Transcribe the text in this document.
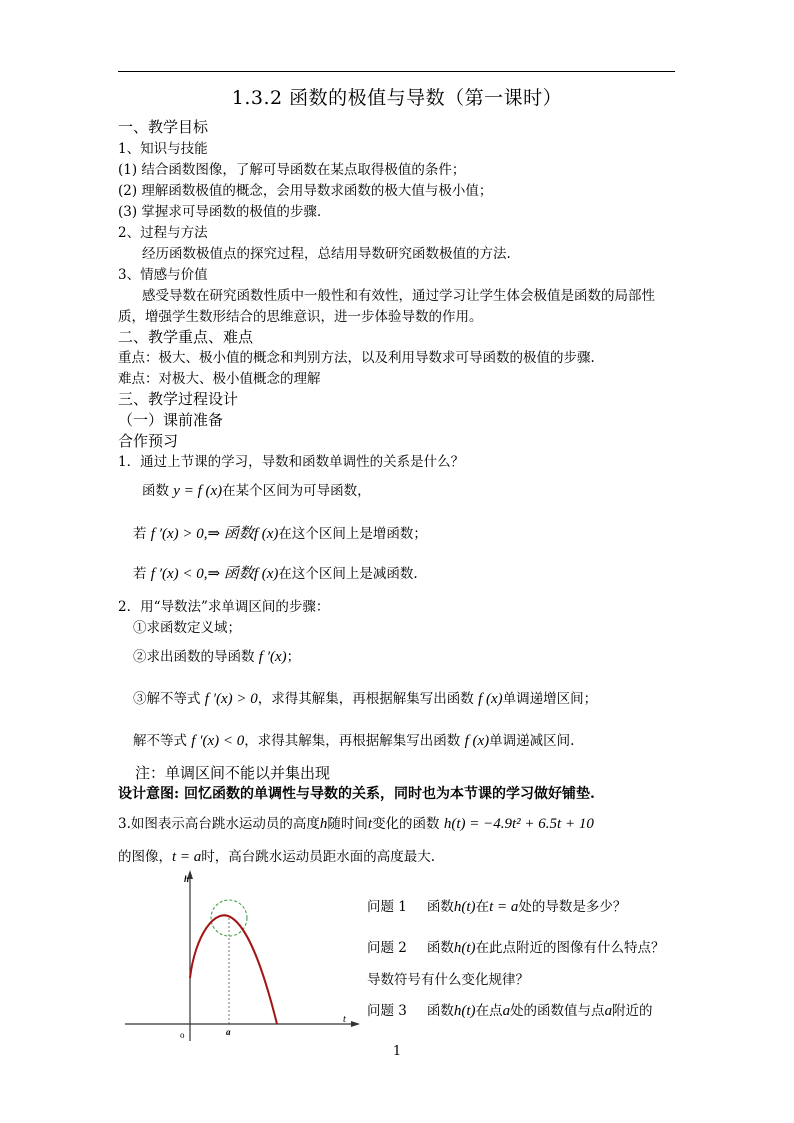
1.3.2 函数的极值与导数（第一课时）
一、教学目标
1、知识与技能
(1) 结合函数图像，了解可导函数在某点取得极值的条件；
(2) 理解函数极值的概念，会用导数求函数的极大值与极小值；
(3) 掌握求可导函数的极值的步骤.
2、过程与方法
经历函数极值点的探究过程，总结用导数研究函数极值的方法.
3、情感与价值
感受导数在研究函数性质中一般性和有效性，通过学习让学生体会极值是函数的局部性
质，增强学生数形结合的思维意识，进一步体验导数的作用。
二、教学重点、难点
重点：极大、极小值的概念和判别方法，以及利用导数求可导函数的极值的步骤.
难点：对极大、极小值概念的理解
三、教学过程设计
（一）课前准备
合作预习
1．通过上节课的学习，导数和函数单调性的关系是什么？
函数 y = f (x)在某个区间为可导函数，
若 f ′(x) > 0,⇒ 函数f (x)在这个区间上是增函数；
若 f ′(x) < 0,⇒ 函数f (x)在这个区间上是减函数.
2．用“导数法”求单调区间的步骤：
①求函数定义域；
②求出函数的导函数 f ′(x)；
③解不等式 f ′(x) > 0，求得其解集，再根据解集写出函数 f (x)单调递增区间；
解不等式 f ′(x) < 0，求得其解集，再根据解集写出函数 f (x)单调递减区间.
注：单调区间不能以并集出现
设计意图: 回忆函数的单调性与导数的关系，同时也为本节课的学习做好铺垫.
3.如图表示高台跳水运动员的高度h随时间t变化的函数 h(t) = −4.9t² + 6.5t + 10
的图像，t = a时，高台跳水运动员距水面的高度最大.
h
t
o	a
问题 1 函数h(t)在t = a处的导数是多少？
问题 2 函数h(t)在此点附近的图像有什么特点？
导数符号有什么变化规律？
问题 3 函数h(t)在点a处的函数值与点a附近的
1
